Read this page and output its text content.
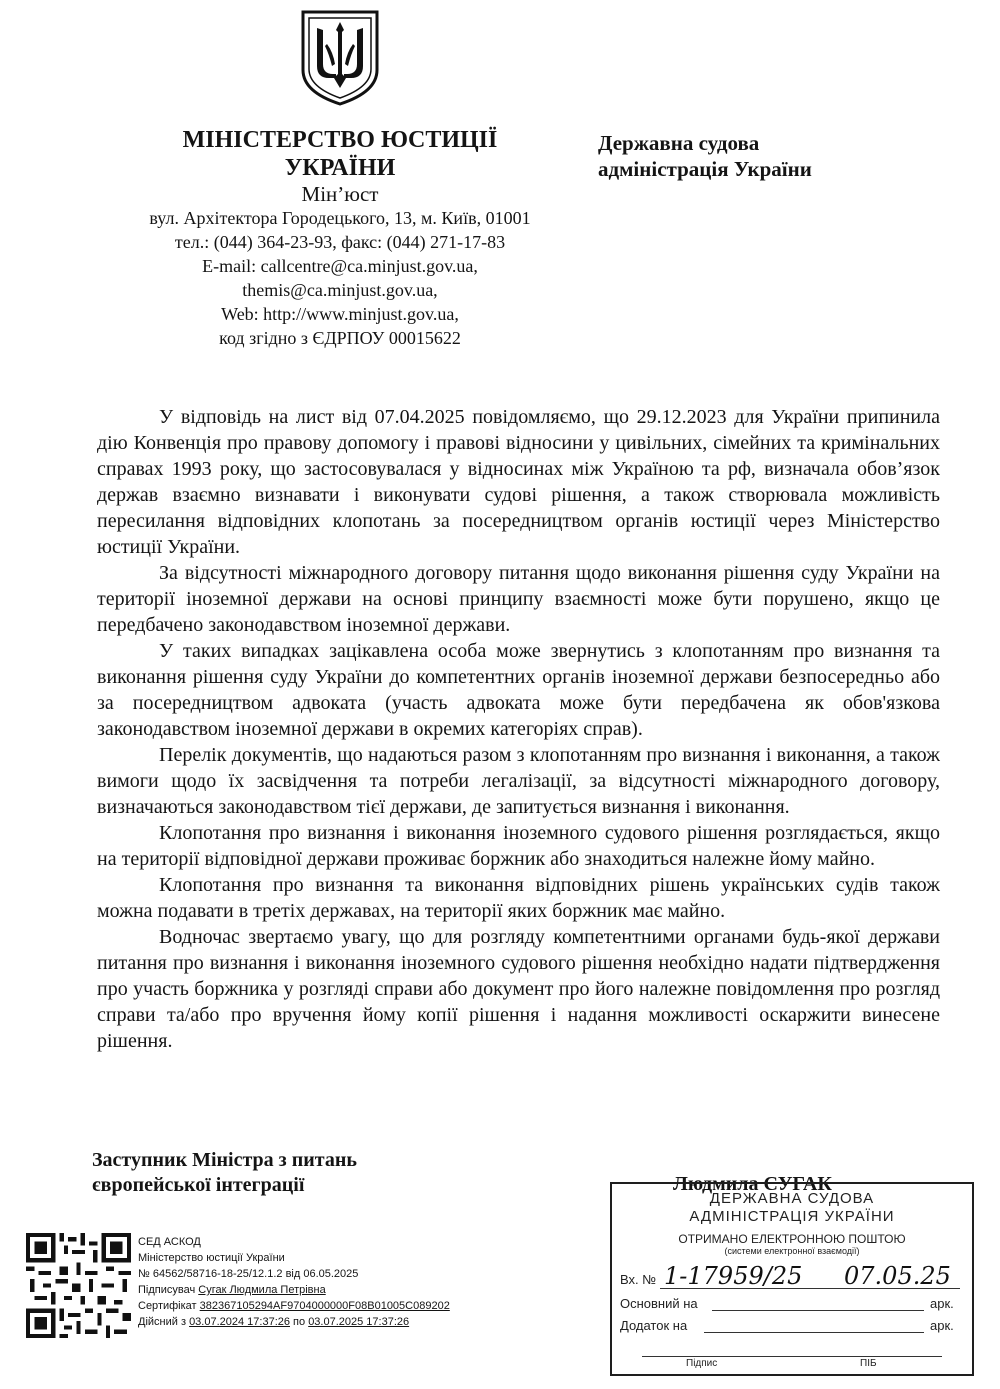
МІНІСТЕРСТВО ЮСТИЦІЇ
УКРАЇНИ
Мін’юст
вул. Архітектора Городецького, 13, м. Київ, 01001
тел.: (044) 364-23-93, факс: (044) 271-17-83
E-mail: callcentre@ca.minjust.gov.ua,
themis@ca.minjust.gov.ua,
Web: http://www.minjust.gov.ua,
код згідно з ЄДРПОУ 00015622
Державна судова
адміністрація України

У відповідь на лист від 07.04.2025 повідомляємо, що 29.12.2023 для України припинила дію Конвенція про правову допомогу і правові відносини у цивільних, сімейних та кримінальних справах 1993 року, що застосовувалася у відносинах між Україною та рф, визначала обов’язок держав взаємно визнавати і виконувати судові рішення, а також створювала можливість пересилання відповідних клопотань за посередництвом органів юстиції через Міністерство юстиції України.

За відсутності міжнародного договору питання щодо виконання рішення суду України на території іноземної держави на основі принципу взаємності може бути порушено, якщо це передбачено законодавством іноземної держави.

У таких випадках зацікавлена особа може звернутись з клопотанням про визнання та виконання рішення суду України до компетентних органів іноземної держави безпосередньо або за посередництвом адвоката (участь адвоката може бути передбачена як обов'язкова законодавством іноземної держави в окремих категоріях справ).

Перелік документів, що надаються разом з клопотанням про визнання і виконання, а також вимоги щодо їх засвідчення та потреби легалізації, за відсутності міжнародного договору, визначаються законодавством тієї держави, де запитується визнання і виконання.

Клопотання про визнання і виконання іноземного судового рішення розглядається, якщо на території відповідної держави проживає боржник або знаходиться належне йому майно.

Клопотання про визнання та виконання відповідних рішень українських судів також можна подавати в третіх державах, на території яких боржник має майно.

Водночас звертаємо увагу, що для розгляду компетентними органами будь-якої держави питання про визнання і виконання іноземного судового рішення необхідно надати підтвердження про участь боржника у розгляді справи або документ про його належне повідомлення про розгляд справи та/або про вручення йому копії рішення і надання можливості оскаржити винесене рішення.

Заступник Міністра з питань
європейської інтеграції	Людмила СУГАК
СЕД АСКОД
Міністерство юстиції України
№ 64562/58716-18-25/12.1.2 від 06.05.2025
Підписувач Сугак Людмила Петрівна
Сертифікат 382367105294AF9704000000F08B01005C089202
Дійсний з 03.07.2024 17:37:26 по 03.07.2025 17:37:26
ДЕРЖАВНА СУДОВА
АДМІНІСТРАЦІЯ УКРАЇНИ
ОТРИМАНО ЕЛЕКТРОННОЮ ПОШТОЮ
(системи електронної взаємодії)
Вх. № 1-17959/25 07.05.25
Основний на	арк.
Додаток на	арк.
Підпис	ПІБ
